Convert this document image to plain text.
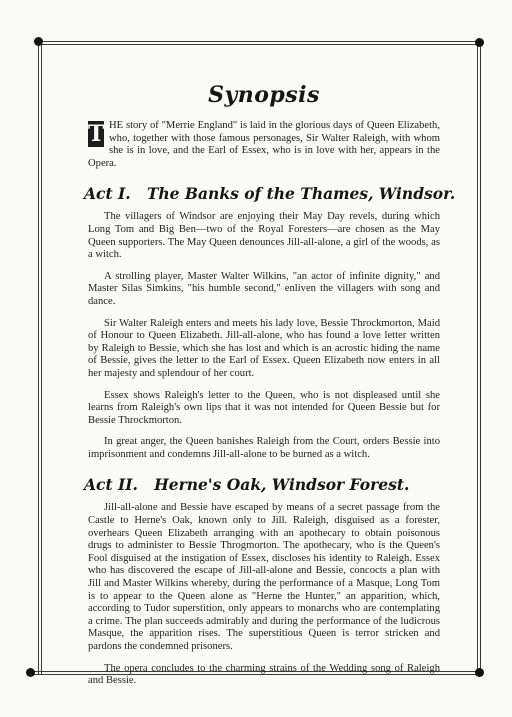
Synopsis

T HE story of "Merrie England" is laid in the glorious days of Queen Elizabeth, who, together with those famous personages, Sir Walter Raleigh, with whom she is in love, and the Earl of Essex, who is in love with her, appears in the Opera.

Act I.   The Banks of the Thames, Windsor.

The villagers of Windsor are enjoying their May Day revels, during which Long Tom and Big Ben—two of the Royal Foresters—are chosen as the May Queen supporters. The May Queen denounces Jill-all-alone, a girl of the woods, as a witch.

A strolling player, Master Walter Wilkins, "an actor of infinite dignity," and Master Silas Simkins, "his humble second," enliven the villagers with song and dance.

Sir Walter Raleigh enters and meets his lady love, Bessie Throckmorton, Maid of Honour to Queen Elizabeth. Jill-all-alone, who has found a love letter written by Raleigh to Bessie, which she has lost and which is an acrostic hiding the name of Bessie, gives the letter to the Earl of Essex. Queen Elizabeth now enters in all her majesty and splendour of her court.

Essex shows Raleigh's letter to the Queen, who is not displeased until she learns from Raleigh's own lips that it was not intended for Queen Bessie but for Bessie Throckmorton.

In great anger, the Queen banishes Raleigh from the Court, orders Bessie into imprisonment and condemns Jill-all-alone to be burned as a witch.

Act II.   Herne's Oak, Windsor Forest.

Jill-all-alone and Bessie have escaped by means of a secret passage from the Castle to Herne's Oak, known only to Jill. Raleigh, disguised as a forester, overhears Queen Elizabeth arranging with an apothecary to obtain poisonous drugs to administer to Bessie Throgmorton. The apothecary, who is the Queen's Fool disguised at the instigation of Essex, discloses his identity to Raleigh. Essex who has discovered the escape of Jill-all-alone and Bessie, concocts a plan with Jill and Master Wilkins whereby, during the performance of a Masque, Long Tom is to appear to the Queen alone as "Herne the Hunter," an apparition, which, according to Tudor superstition, only appears to monarchs who are contemplating a crime. The plan succeeds admirably and during the performance of the ludicrous Masque, the apparition rises. The superstitious Queen is terror stricken and pardons the condemned prisoners.

The opera concludes to the charming strains of the Wedding song of Raleigh and Bessie.
